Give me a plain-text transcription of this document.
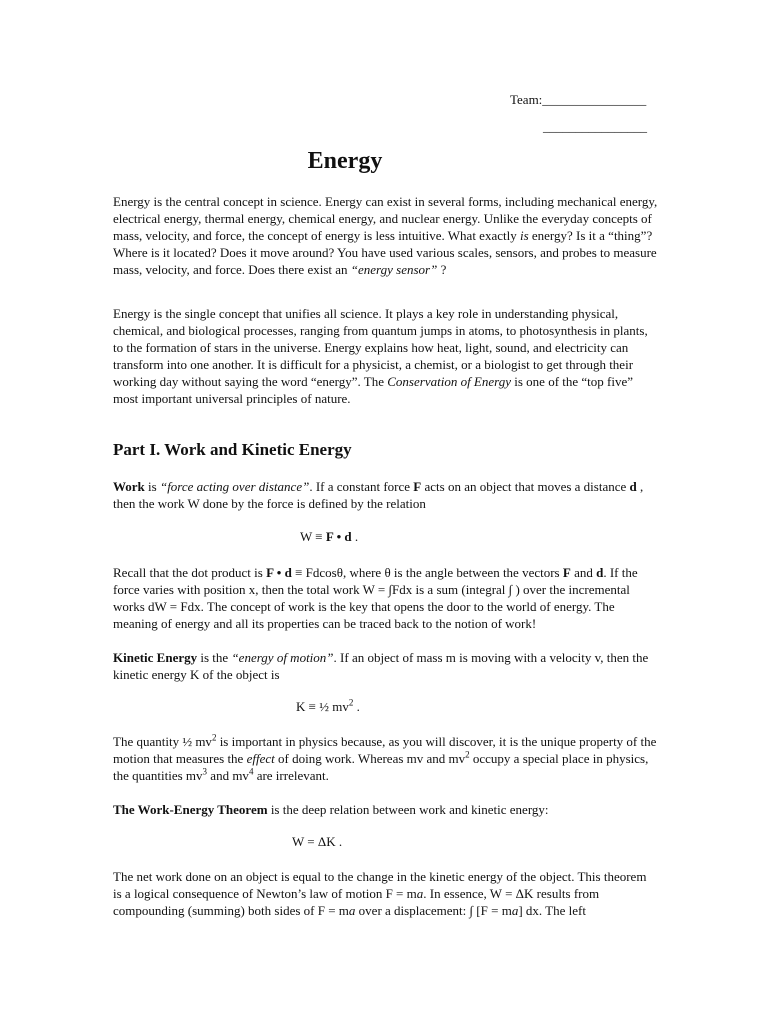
Team:________________
________________
Energy

Energy is the central concept in science. Energy can exist in several forms, including mechanical energy, electrical energy, thermal energy, chemical energy, and nuclear energy. Unlike the everyday concepts of mass, velocity, and force, the concept of energy is less intuitive. What exactly is energy? Is it a “thing”? Where is it located? Does it move around? You have used various scales, sensors, and probes to measure mass, velocity, and force. Does there exist an “energy sensor” ?

Energy is the single concept that unifies all science. It plays a key role in understanding physical, chemical, and biological processes, ranging from quantum jumps in atoms, to photosynthesis in plants, to the formation of stars in the universe. Energy explains how heat, light, sound, and electricity can transform into one another. It is difficult for a physicist, a chemist, or a biologist to get through their working day without saying the word “energy”. The Conservation of Energy is one of the “top five” most important universal principles of nature.

Part I. Work and Kinetic Energy

Work is “force acting over distance”. If a constant force F acts on an object that moves a distance d , then the work W done by the force is defined by the relation

W ≡ F • d .

Recall that the dot product is F • d ≡ Fdcosθ, where θ is the angle between the vectors F and d. If the force varies with position x, then the total work W = ∫Fdx is a sum (integral ∫ ) over the incremental works dW = Fdx. The concept of work is the key that opens the door to the world of energy. The meaning of energy and all its properties can be traced back to the notion of work!

Kinetic Energy is the “energy of motion”. If an object of mass m is moving with a velocity v, then the kinetic energy K of the object is

K ≡ ½ $mv^2$ .

The quantity ½ $mv^2$ is important in physics because, as you will discover, it is the unique property of the motion that measures the effect of doing work. Whereas mv and $mv^2$ occupy a special place in physics, the quantities $mv^3$ and $mv^4$ are irrelevant.

The Work-Energy Theorem is the deep relation between work and kinetic energy:

W = ΔK .

The net work done on an object is equal to the change in the kinetic energy of the object. This theorem is a logical consequence of Newton’s law of motion F = ma. In essence, W = ΔK results from compounding (summing) both sides of F = ma over a displacement: ∫ [F = ma] dx. The left
